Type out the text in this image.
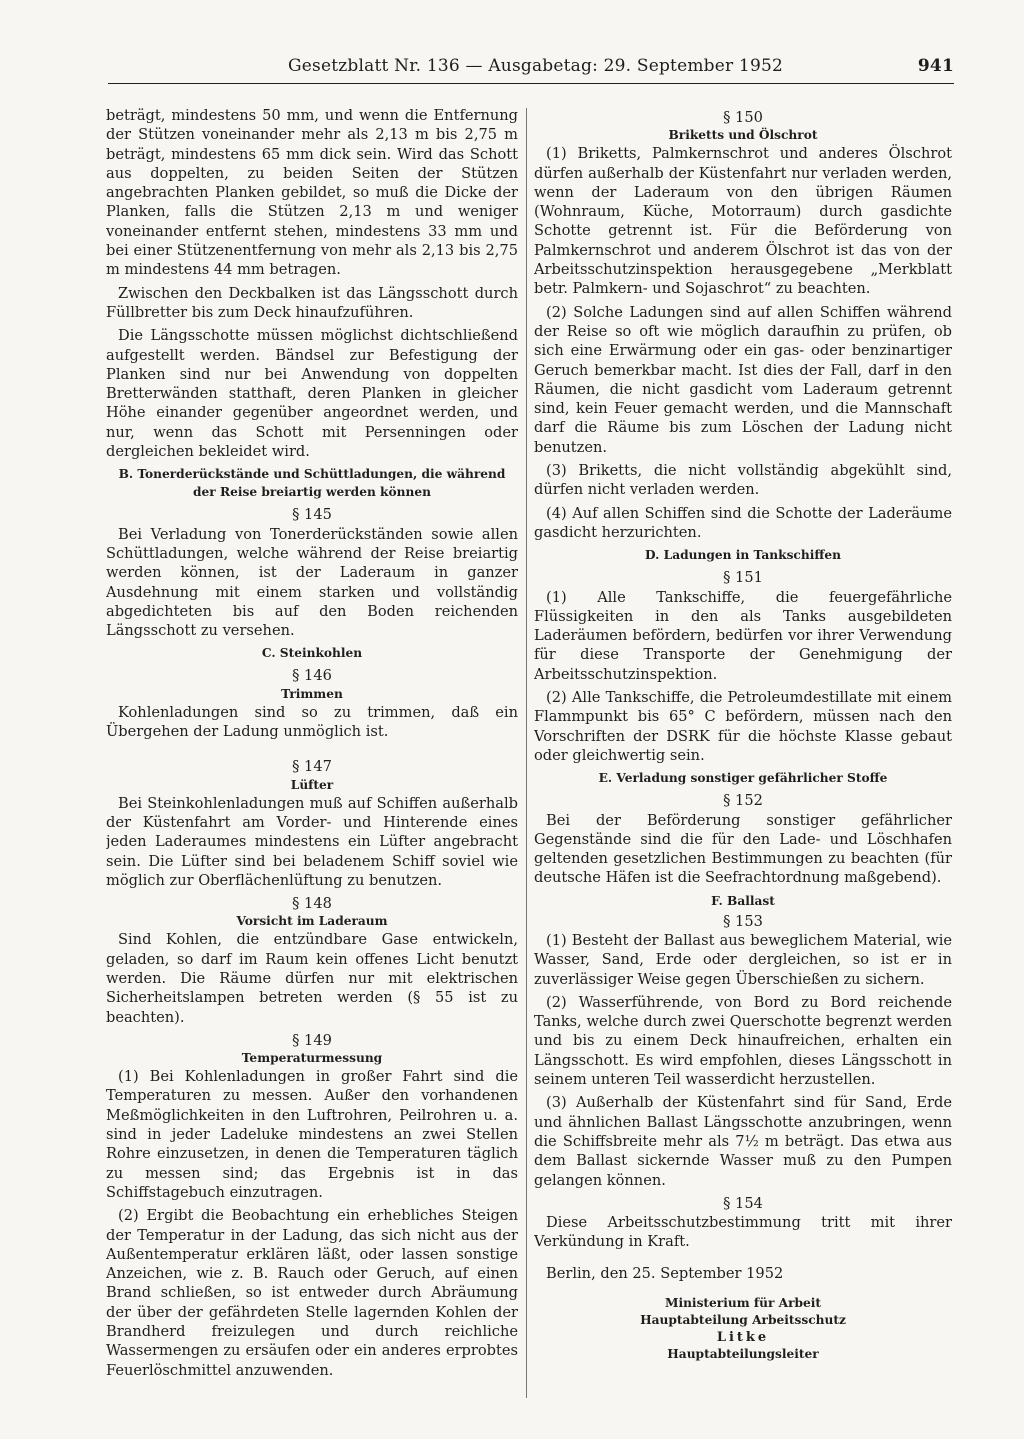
Gesetzblatt Nr. 136 — Ausgabetag: 29. September 1952	941

beträgt, mindestens 50 mm, und wenn die Entfernung der Stützen voneinander mehr als 2,13 m bis 2,75 m beträgt, mindestens 65 mm dick sein. Wird das Schott aus doppelten, zu beiden Seiten der Stützen angebrachten Planken gebildet, so muß die Dicke der Planken, falls die Stützen 2,13 m und weniger voneinander entfernt stehen, mindestens 33 mm und bei einer Stützenentfernung von mehr als 2,13 bis 2,75 m mindestens 44 mm betragen.

Zwischen den Deckbalken ist das Längsschott durch Füllbretter bis zum Deck hinaufzuführen.

Die Längsschotte müssen möglichst dichtschließend aufgestellt werden. Bändsel zur Befestigung der Planken sind nur bei Anwendung von doppelten Bretterwänden statthaft, deren Planken in gleicher Höhe einander gegenüber angeordnet werden, und nur, wenn das Schott mit Persenningen oder dergleichen bekleidet wird.

B. Tonerderückstände und Schüttladungen, die während der Reise breiartig werden können
§ 145

Bei Verladung von Tonerderückständen sowie allen Schüttladungen, welche während der Reise breiartig werden können, ist der Laderaum in ganzer Ausdehnung mit einem starken und vollständig abgedichteten bis auf den Boden reichenden Längsschott zu versehen.

C. Steinkohlen
§ 146
Trimmen

Kohlenladungen sind so zu trimmen, daß ein Übergehen der Ladung unmöglich ist.

§ 147
Lüfter

Bei Steinkohlenladungen muß auf Schiffen außerhalb der Küstenfahrt am Vorder- und Hinterende eines jeden Laderaumes mindestens ein Lüfter angebracht sein. Die Lüfter sind bei beladenem Schiff soviel wie möglich zur Oberflächenlüftung zu benutzen.

§ 148
Vorsicht im Laderaum

Sind Kohlen, die entzündbare Gase entwickeln, geladen, so darf im Raum kein offenes Licht benutzt werden. Die Räume dürfen nur mit elektrischen Sicherheitslampen betreten werden (§ 55 ist zu beachten).

§ 149
Temperaturmessung

(1) Bei Kohlenladungen in großer Fahrt sind die Temperaturen zu messen. Außer den vorhandenen Meßmöglichkeiten in den Luftrohren, Peilrohren u. a. sind in jeder Ladeluke mindestens an zwei Stellen Rohre einzusetzen, in denen die Temperaturen täglich zu messen sind; das Ergebnis ist in das Schiffstagebuch einzutragen.

(2) Ergibt die Beobachtung ein erhebliches Steigen der Temperatur in der Ladung, das sich nicht aus der Außentemperatur erklären läßt, oder lassen sonstige Anzeichen, wie z. B. Rauch oder Geruch, auf einen Brand schließen, so ist entweder durch Abräumung der über der gefährdeten Stelle lagernden Kohlen der Brandherd freizulegen und durch reichliche Wassermengen zu ersäufen oder ein anderes erprobtes Feuerlöschmittel anzuwenden.

§ 150
Briketts und Ölschrot

(1) Briketts, Palmkernschrot und anderes Ölschrot dürfen außerhalb der Küstenfahrt nur verladen werden, wenn der Laderaum von den übrigen Räumen (Wohnraum, Küche, Motorraum) durch gasdichte Schotte getrennt ist. Für die Beförderung von Palmkernschrot und anderem Ölschrot ist das von der Arbeitsschutzinspektion herausgegebene „Merkblatt betr. Palmkern- und Sojaschrot“ zu beachten.

(2) Solche Ladungen sind auf allen Schiffen während der Reise so oft wie möglich daraufhin zu prüfen, ob sich eine Erwärmung oder ein gas- oder benzinartiger Geruch bemerkbar macht. Ist dies der Fall, darf in den Räumen, die nicht gasdicht vom Laderaum getrennt sind, kein Feuer gemacht werden, und die Mannschaft darf die Räume bis zum Löschen der Ladung nicht benutzen.

(3) Briketts, die nicht vollständig abgekühlt sind, dürfen nicht verladen werden.

(4) Auf allen Schiffen sind die Schotte der Laderäume gasdicht herzurichten.

D. Ladungen in Tankschiffen
§ 151

(1) Alle Tankschiffe, die feuergefährliche Flüssigkeiten in den als Tanks ausgebildeten Laderäumen befördern, bedürfen vor ihrer Verwendung für diese Transporte der Genehmigung der Arbeitsschutzinspektion.

(2) Alle Tankschiffe, die Petroleumdestillate mit einem Flammpunkt bis 65° C befördern, müssen nach den Vorschriften der DSRK für die höchste Klasse gebaut oder gleichwertig sein.

E. Verladung sonstiger gefährlicher Stoffe
§ 152

Bei der Beförderung sonstiger gefährlicher Gegenstände sind die für den Lade- und Löschhafen geltenden gesetzlichen Bestimmungen zu beachten (für deutsche Häfen ist die Seefrachtordnung maßgebend).

F. Ballast
§ 153

(1) Besteht der Ballast aus beweglichem Material, wie Wasser, Sand, Erde oder dergleichen, so ist er in zuverlässiger Weise gegen Überschießen zu sichern.

(2) Wasserführende, von Bord zu Bord reichende Tanks, welche durch zwei Querschotte begrenzt werden und bis zu einem Deck hinaufreichen, erhalten ein Längsschott. Es wird empfohlen, dieses Längsschott in seinem unteren Teil wasserdicht herzustellen.

(3) Außerhalb der Küstenfahrt sind für Sand, Erde und ähnlichen Ballast Längsschotte anzubringen, wenn die Schiffsbreite mehr als 7½ m beträgt. Das etwa aus dem Ballast sickernde Wasser muß zu den Pumpen gelangen können.

§ 154

Diese Arbeitsschutzbestimmung tritt mit ihrer Verkündung in Kraft.

Berlin, den 25. September 1952

Ministerium für Arbeit
Hauptabteilung Arbeitsschutz
Litke
Hauptabteilungsleiter
